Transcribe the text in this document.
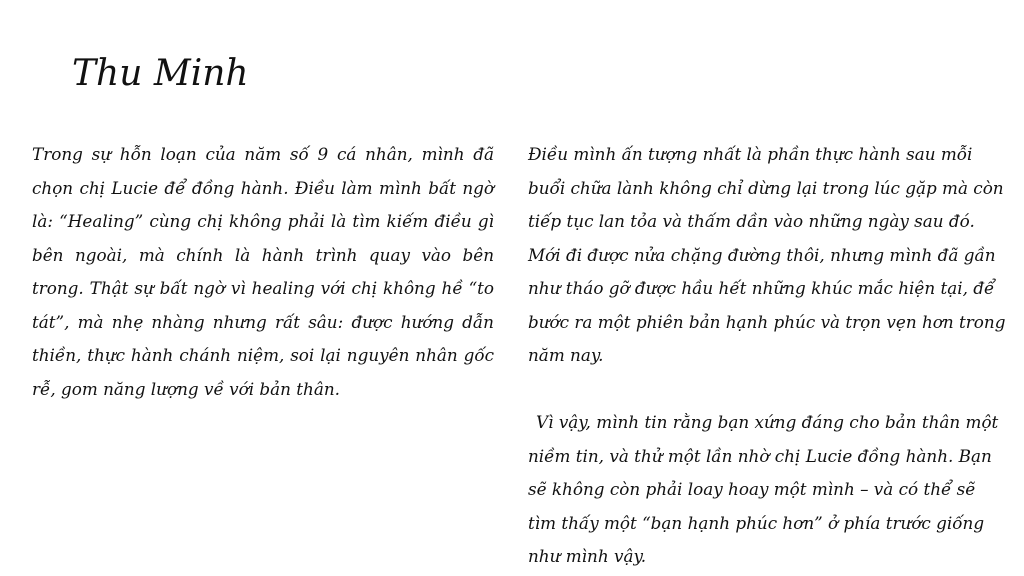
Thu Minh

Trong sự hỗn loạn của năm số 9 cá nhân, mình đã chọn chị Lucie để đồng hành. Điều làm mình bất ngờ là: “Healing” cùng chị không phải là tìm kiếm điều gì bên ngoài, mà chính là hành trình quay vào bên trong. Thật sự bất ngờ vì healing với chị không hề “to tát”, mà nhẹ nhàng nhưng rất sâu: được hướng dẫn thiền, thực hành chánh niệm, soi lại nguyên nhân gốc rễ, gom năng lượng về với bản thân.

Điều mình ấn tượng nhất là phần thực hành sau mỗi buổi chữa lành không chỉ dừng lại trong lúc gặp mà còn tiếp tục lan tỏa và thấm dần vào những ngày sau đó. Mới đi được nửa chặng đường thôi, nhưng mình đã gần như tháo gỡ được hầu hết những khúc mắc hiện tại, để bước ra một phiên bản hạnh phúc và trọn vẹn hơn trong năm nay.

Vì vậy, mình tin rằng bạn xứng đáng cho bản thân một niềm tin, và thử một lần nhờ chị Lucie đồng hành. Bạn sẽ không còn phải loay hoay một mình – và có thể sẽ tìm thấy một “bạn hạnh phúc hơn” ở phía trước giống như mình vậy.
